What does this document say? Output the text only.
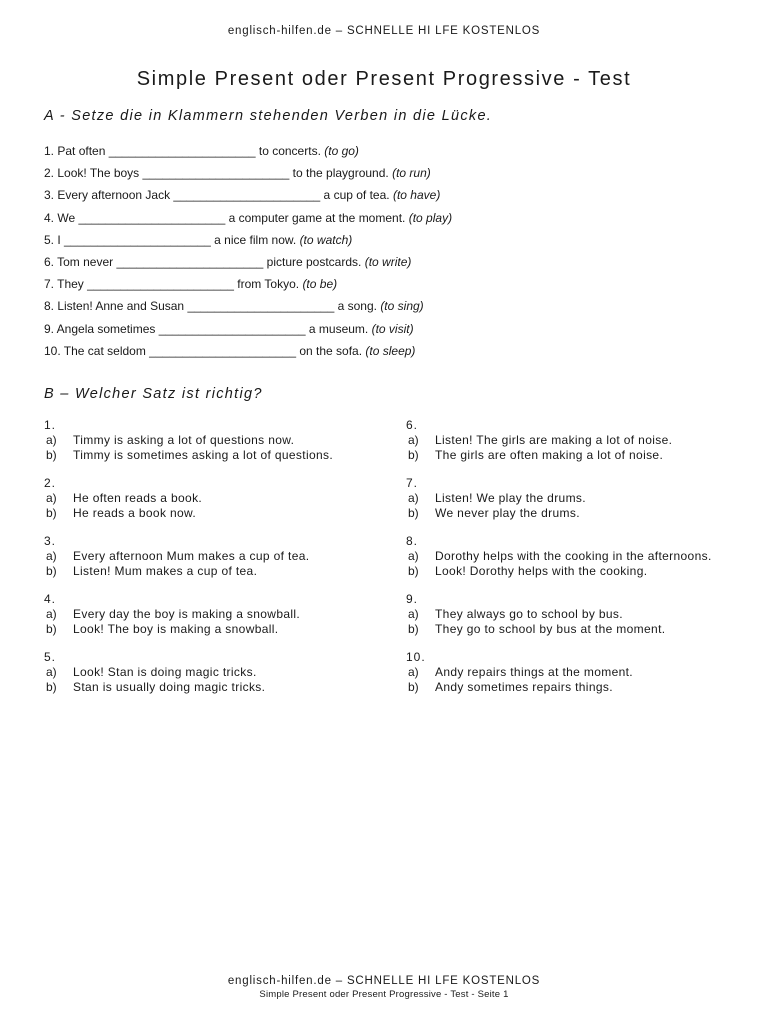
englisch-hilfen.de – SCHNELLE HI LFE KOSTENLOS
Simple Present oder Present Progressive - Test
A - Setze die in Klammern stehenden Verben in die Lücke.
1. Pat often ______________________ to concerts. (to go)
2. Look! The boys ______________________ to the playground. (to run)
3. Every afternoon Jack ______________________ a cup of tea. (to have)
4. We ______________________ a computer game at the moment. (to play)
5. I ______________________ a nice film now. (to watch)
6. Tom never ______________________ picture postcards. (to write)
7. They ______________________ from Tokyo. (to be)
8. Listen! Anne and Susan ______________________ a song. (to sing)
9. Angela sometimes ______________________ a museum. (to visit)
10. The cat seldom ______________________ on the sofa. (to sleep)
B – Welcher Satz ist richtig?
1.
a)	Timmy is asking a lot of questions now.
b)	Timmy is sometimes asking a lot of questions.
2.
a)	He often reads a book.
b)	He reads a book now.
3.
a)	Every afternoon Mum makes a cup of tea.
b)	Listen! Mum makes a cup of tea.
4.
a)	Every day the boy is making a snowball.
b)	Look! The boy is making a snowball.
5.
a)	Look! Stan is doing magic tricks.
b)	Stan is usually doing magic tricks.
6.
a)	Listen! The girls are making a lot of noise.
b)	The girls are often making a lot of noise.
7.
a)	Listen! We play the drums.
b)	We never play the drums.
8.
a)	Dorothy helps with the cooking in the afternoons.
b)	Look! Dorothy helps with the cooking.
9.
a)	They always go to school by bus.
b)	They go to school by bus at the moment.
10.
a)	Andy repairs things at the moment.
b)	Andy sometimes repairs things.
englisch-hilfen.de – SCHNELLE HI LFE KOSTENLOS
Simple Present oder Present Progressive - Test - Seite 1
